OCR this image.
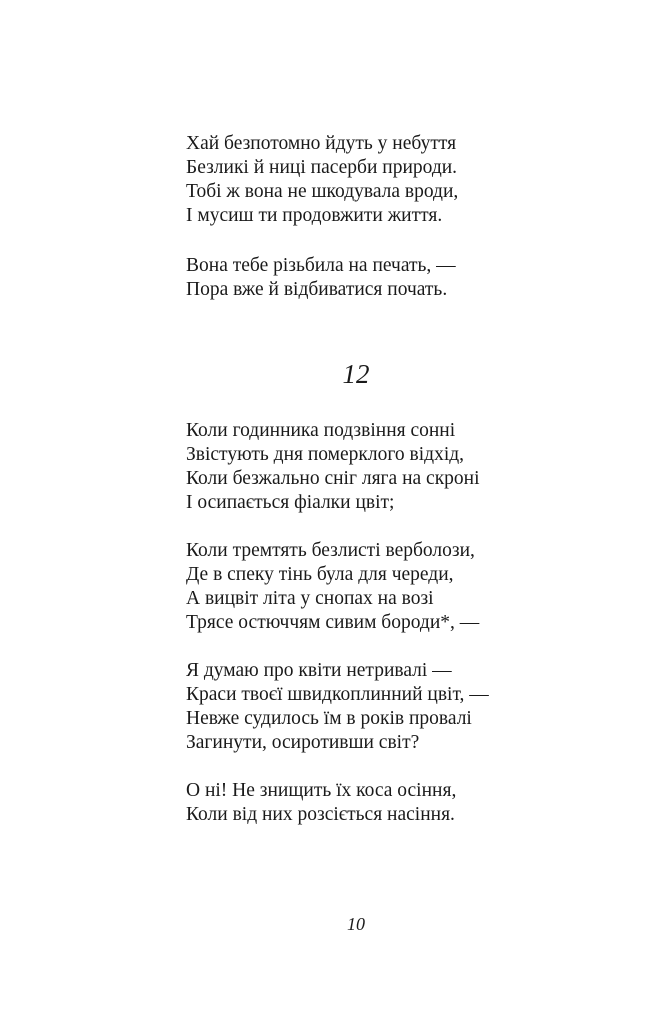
Хай безпотомно йдуть у небуття
Безликі й ниці пасерби природи.
Тобі ж вона не шкодувала вроди,
І мусиш ти продовжити життя.
Вона тебе різьбила на печать, —
Пора вже й відбиватися почать.
12
Коли годинника подзвіння сонні
Звістують дня померклого відхід,
Коли безжально сніг ляга на скроні
І осипається фіалки цвіт;
Коли тремтять безлисті верболози,
Де в спеку тінь була для череди,
А вицвіт літа у снопах на возі
Трясе остюччям сивим бороди*, —
Я думаю про квіти нетривалі —
Краси твоєї швидкоплинний цвіт, —
Невже судилось їм в років провалі
Загинути, осиротивши світ?
О ні! Не знищить їх коса осіння,
Коли від них розсіється насіння.
10
